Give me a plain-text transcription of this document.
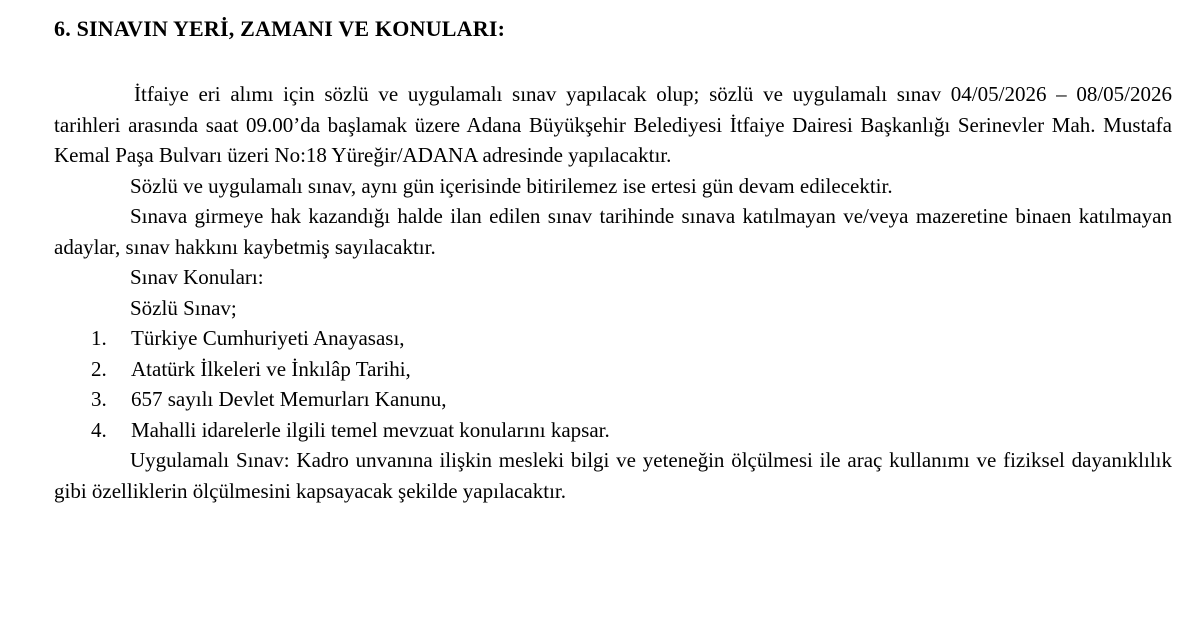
6. SINAVIN YERİ, ZAMANI VE KONULARI:

İtfaiye eri alımı için sözlü ve uygulamalı sınav yapılacak olup; sözlü ve uygulamalı sınav 04/05/2026 – 08/05/2026 tarihleri arasında saat 09.00’da başlamak üzere Adana Büyükşehir Belediyesi İtfaiye Dairesi Başkanlığı Serinevler Mah. Mustafa Kemal Paşa Bulvarı üzeri No:18 Yüreğir/ADANA adresinde yapılacaktır.

Sözlü ve uygulamalı sınav, aynı gün içerisinde bitirilemez ise ertesi gün devam edilecektir.

Sınava girmeye hak kazandığı halde ilan edilen sınav tarihinde sınava katılmayan ve/veya mazeretine binaen katılmayan adaylar, sınav hakkını kaybetmiş sayılacaktır.

Sınav Konuları:

Sözlü Sınav;

1. Türkiye Cumhuriyeti Anayasası,
2. Atatürk İlkeleri ve İnkılâp Tarihi,
3. 657 sayılı Devlet Memurları Kanunu,
4. Mahalli idarelerle ilgili temel mevzuat konularını kapsar.

Uygulamalı Sınav: Kadro unvanına ilişkin mesleki bilgi ve yeteneğin ölçülmesi ile araç kullanımı ve fiziksel dayanıklılık gibi özelliklerin ölçülmesini kapsayacak şekilde yapılacaktır.
